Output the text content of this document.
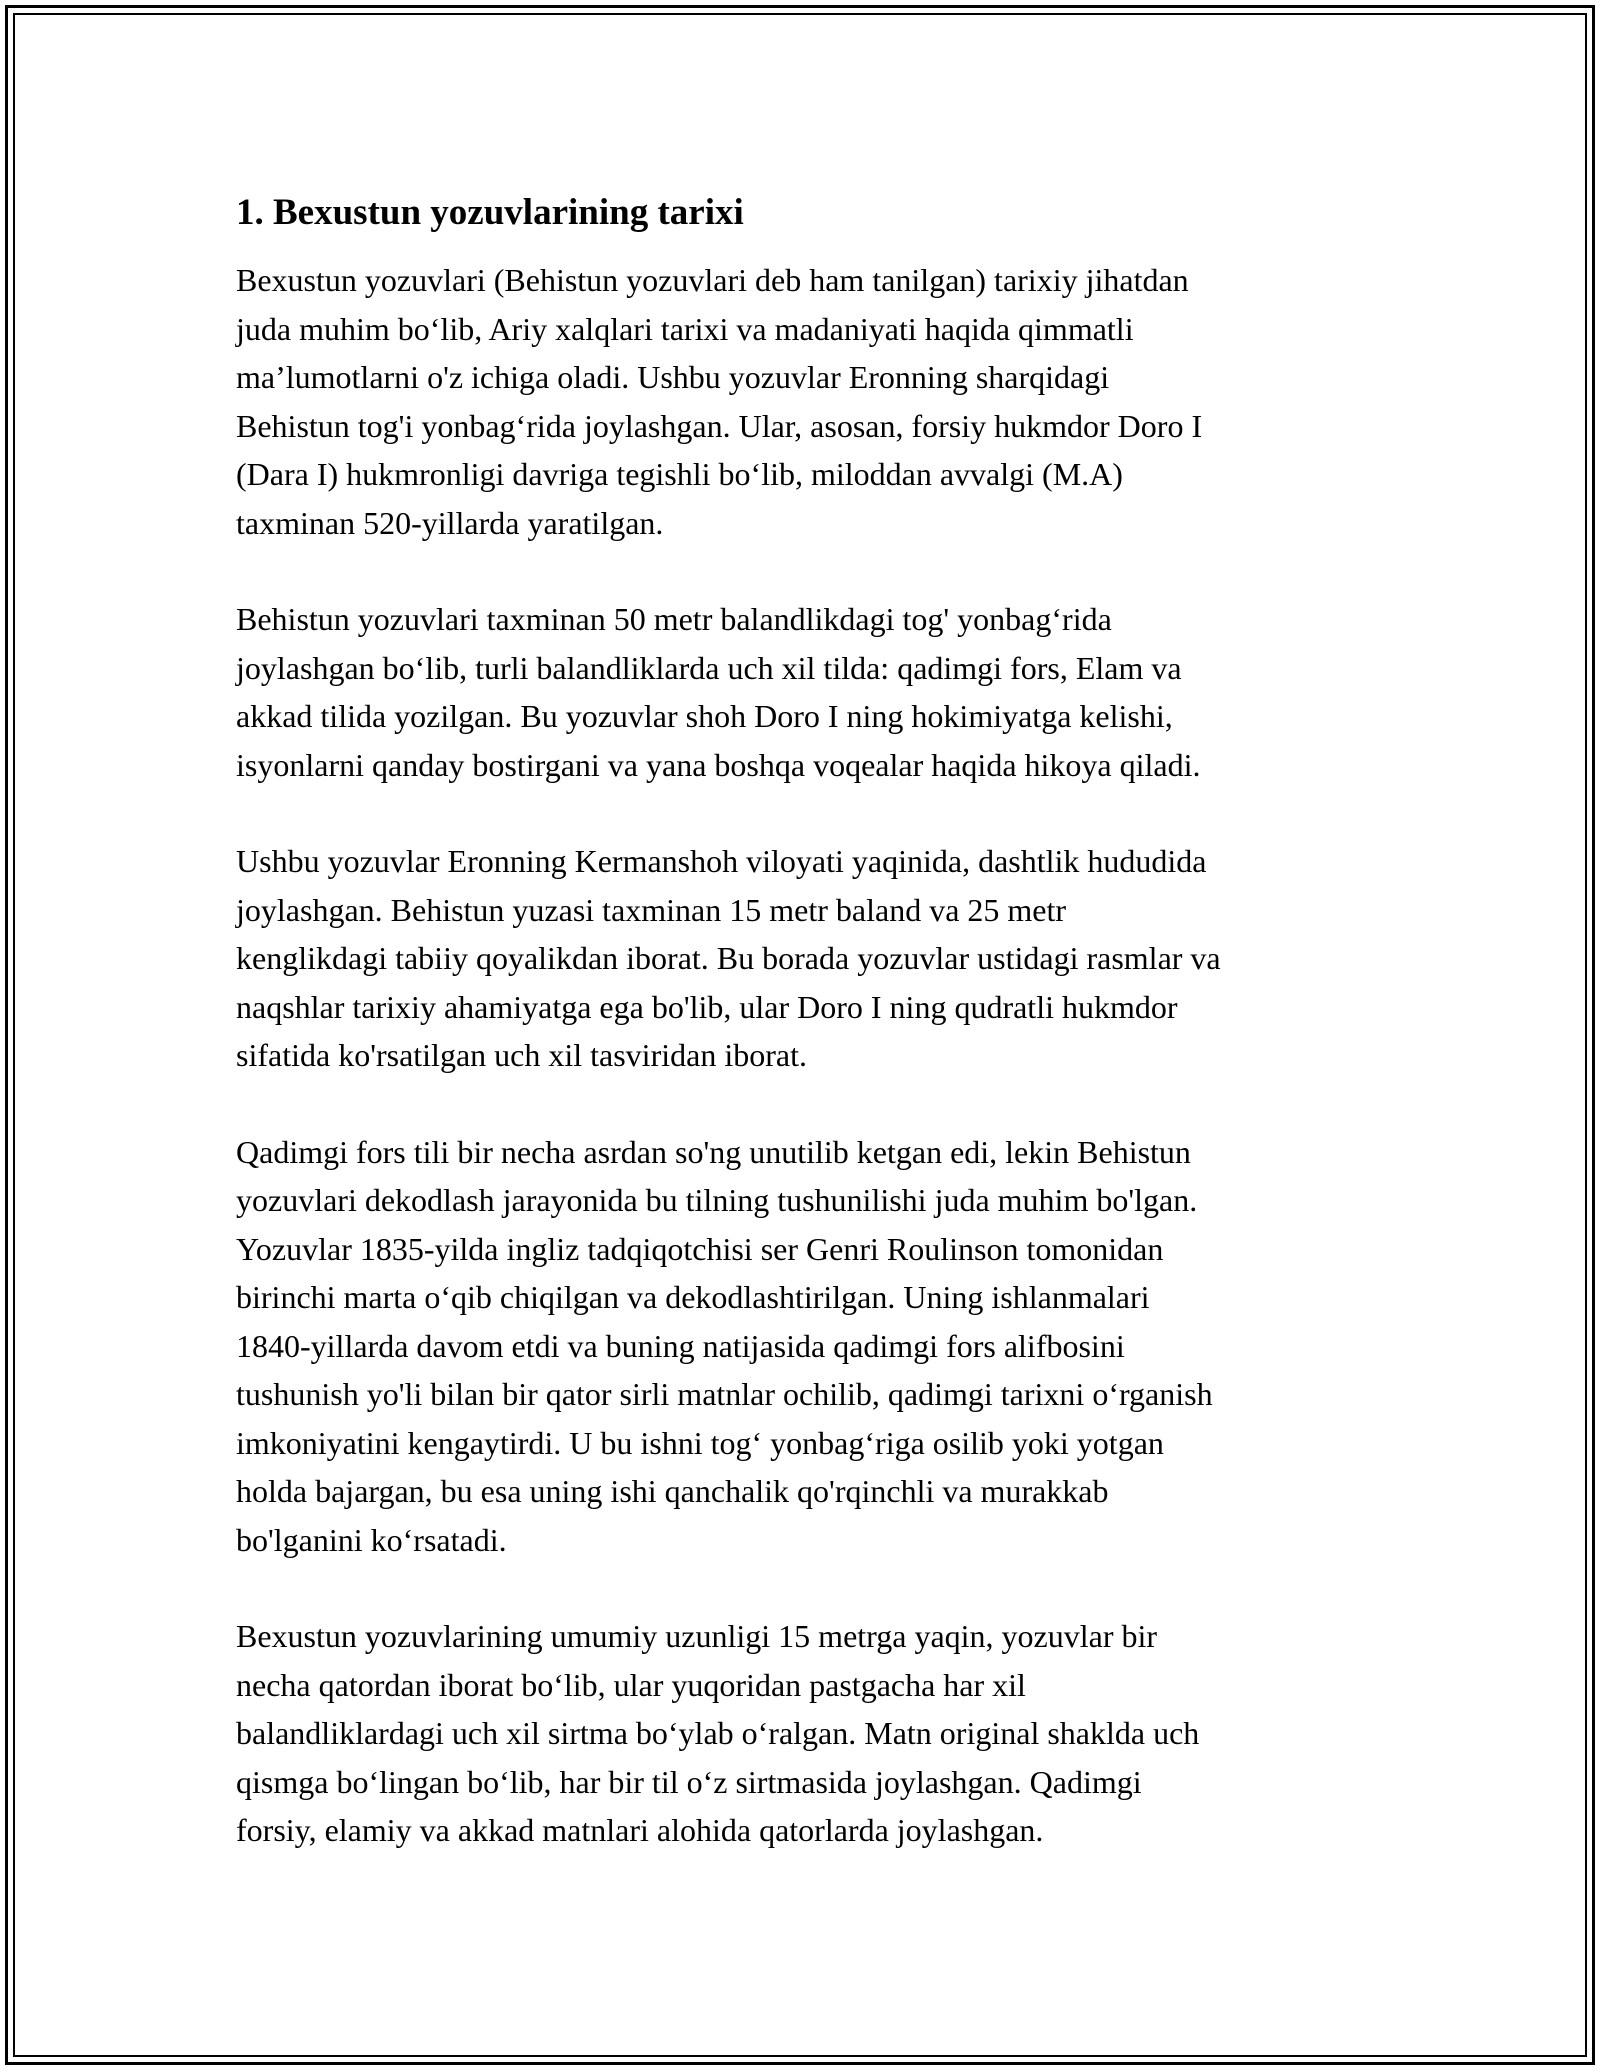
1. Bexustun yozuvlarining tarixi

Bexustun yozuvlari (Behistun yozuvlari deb ham tanilgan) tarixiy jihatdan
juda muhim bo‘lib, Ariy xalqlari tarixi va madaniyati haqida qimmatli
ma’lumotlarni o'z ichiga oladi. Ushbu yozuvlar Eronning sharqidagi
Behistun tog'i yonbag‘rida joylashgan. Ular, asosan, forsiy hukmdor Doro I
(Dara I) hukmronligi davriga tegishli bo‘lib, miloddan avvalgi (M.A)
taxminan 520-yillarda yaratilgan.

Behistun yozuvlari taxminan 50 metr balandlikdagi tog' yonbag‘rida
joylashgan bo‘lib, turli balandliklarda uch xil tilda: qadimgi fors, Elam va
akkad tilida yozilgan. Bu yozuvlar shoh Doro I ning hokimiyatga kelishi,
isyonlarni qanday bostirgani va yana boshqa voqealar haqida hikoya qiladi.

Ushbu yozuvlar Eronning Kermanshoh viloyati yaqinida, dashtlik hududida
joylashgan. Behistun yuzasi taxminan 15 metr baland va 25 metr
kenglikdagi tabiiy qoyalikdan iborat. Bu borada yozuvlar ustidagi rasmlar va
naqshlar tarixiy ahamiyatga ega bo'lib, ular Doro I ning qudratli hukmdor
sifatida ko'rsatilgan uch xil tasviridan iborat.

Qadimgi fors tili bir necha asrdan so'ng unutilib ketgan edi, lekin Behistun
yozuvlari dekodlash jarayonida bu tilning tushunilishi juda muhim bo'lgan.
Yozuvlar 1835-yilda ingliz tadqiqotchisi ser Genri Roulinson tomonidan
birinchi marta o‘qib chiqilgan va dekodlashtirilgan. Uning ishlanmalari
1840-yillarda davom etdi va buning natijasida qadimgi fors alifbosini
tushunish yo'li bilan bir qator sirli matnlar ochilib, qadimgi tarixni o‘rganish
imkoniyatini kengaytirdi. U bu ishni tog‘ yonbag‘riga osilib yoki yotgan
holda bajargan, bu esa uning ishi qanchalik qo'rqinchli va murakkab
bo'lganini ko‘rsatadi.

Bexustun yozuvlarining umumiy uzunligi 15 metrga yaqin, yozuvlar bir
necha qatordan iborat bo‘lib, ular yuqoridan pastgacha har xil
balandliklardagi uch xil sirtma bo‘ylab o‘ralgan. Matn original shaklda uch
qismga bo‘lingan bo‘lib, har bir til o‘z sirtmasida joylashgan. Qadimgi
forsiy, elamiy va akkad matnlari alohida qatorlarda joylashgan.
